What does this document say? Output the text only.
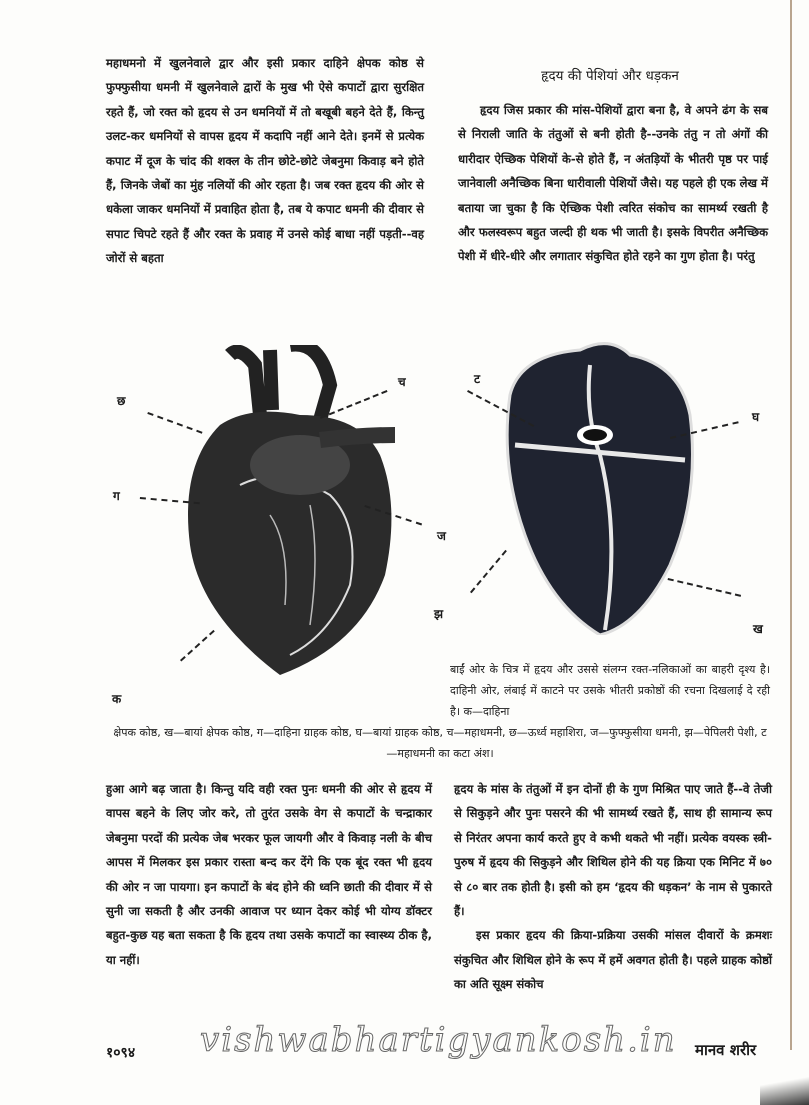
महाधमनो में खुलनेवाले द्वार और इसी प्रकार दाहिने क्षेपक कोष्ठ से फुफ्फुसीया धमनी में खुलनेवाले द्वारों के मुख भी ऐसे कपाटों द्वारा सुरक्षित रहते हैं, जो रक्त को हृदय से उन धमनियों में तो बखूबी बहने देते हैं, किन्तु उलट-कर धमनियों से वापस हृदय में कदापि नहीं आने देते। इनमें से प्रत्येक कपाट में दूज के चांद की शक्ल के तीन छोटे-छोटे जेबनुमा किवाड़ बने होते हैं, जिनके जेबों का मुंह नलियों की ओर रहता है। जब रक्त हृदय की ओर से धकेला जाकर धमनियों में प्रवाहित होता है, तब ये कपाट धमनी की दीवार से सपाट चिपटे रहते हैं और रक्त के प्रवाह में उनसे कोई बाधा नहीं पड़ती--वह जोरों से बहता

हृदय की पेशियां और धड़कन

हृदय जिस प्रकार की मांस-पेशियों द्वारा बना है, वे अपने ढंग के सब से निराली जाति के तंतुओं से बनी होती है--उनके तंतु न तो अंगों की धारीदार ऐच्छिक पेशियों के-से होते हैं, न अंतड़ियों के भीतरी पृष्ठ पर पाई जानेवाली अनैच्छिक बिना धारीवाली पेशियों जैसे। यह पहले ही एक लेख में बताया जा चुका है कि ऐच्छिक पेशी त्वरित संकोच का सामर्थ्य रखती है और फलस्वरूप बहुत जल्दी ही थक भी जाती है। इसके विपरीत अनैच्छिक पेशी में धीरे-धीरे और लगातार संकुचित होते रहने का गुण होता है। परंतु

छ
ग
च
ज
झ
क
ट
घ
ख
बाईं ओर के चित्र में हृदय और उससे संलग्न रक्त-नलिकाओं का बाहरी दृश्य है। दाहिनी ओर, लंबाई में काटने पर उसके भीतरी प्रकोष्ठों की रचना दिखलाई दे रही है। क—दाहिना
क्षेपक कोष्ठ, ख—बायां क्षेपक कोष्ठ, ग—दाहिना ग्राहक कोष्ठ, घ—बायां ग्राहक कोष्ठ, च—महाधमनी, छ—ऊर्ध्व महाशिरा, ज—फुफ्फुसीया धमनी, झ—पेपिलरी पेशी, ट—महाधमनी का कटा अंश।

हुआ आगे बढ़ जाता है। किन्तु यदि वही रक्त पुनः धमनी की ओर से हृदय में वापस बहने के लिए जोर करे, तो तुरंत उसके वेग से कपाटों के चन्द्राकार जेबनुमा परदों की प्रत्येक जेब भरकर फूल जायगी और वे किवाड़ नली के बीच आपस में मिलकर इस प्रकार रास्ता बन्द कर देंगे कि एक बूंद रक्त भी हृदय की ओर न जा पायगा। इन कपाटों के बंद होने की ध्वनि छाती की दीवार में से सुनी जा सकती है और उनकी आवाज पर ध्यान देकर कोई भी योग्य डॉक्टर बहुत-कुछ यह बता सकता है कि हृदय तथा उसके कपाटों का स्वास्थ्य ठीक है, या नहीं।

हृदय के मांस के तंतुओं में इन दोनों ही के गुण मिश्रित पाए जाते हैं--वे तेजी से सिकुड़ने और पुनः पसरने की भी सामर्थ्य रखते हैं, साथ ही सामान्य रूप से निरंतर अपना कार्य करते हुए वे कभी थकते भी नहीं। प्रत्येक वयस्क स्त्री-पुरुष में हृदय की सिकुड़ने और शिथिल होने की यह क्रिया एक मिनिट में ७० से ८० बार तक होती है। इसी को हम ‘हृदय की धड़कन’ के नाम से पुकारते हैं।

इस प्रकार हृदय की क्रिया-प्रक्रिया उसकी मांसल दीवारों के क्रमशः संकुचित और शिथिल होने के रूप में हमें अवगत होती है। पहले ग्राहक कोष्ठों का अति सूक्ष्म संकोच

vishwabhartigyankosh.in
१०९४	मानव शरीर
